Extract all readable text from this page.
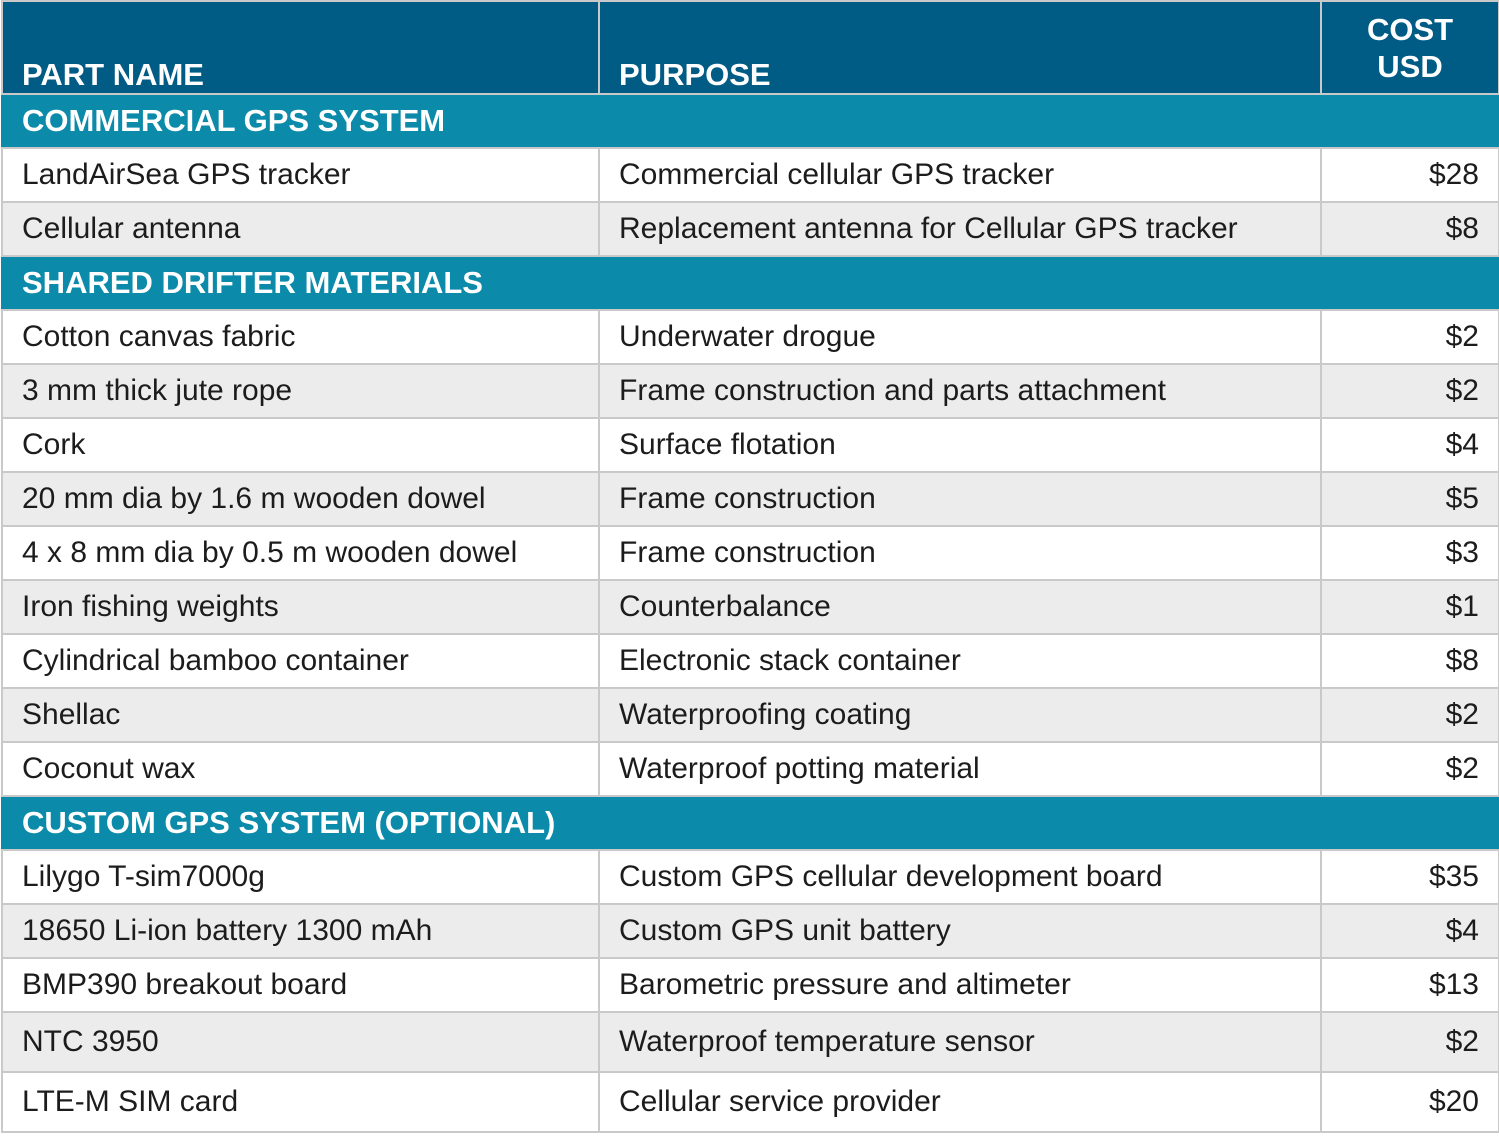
PART NAME	PURPOSE	COST
USD
COMMERCIAL GPS SYSTEM		
LandAirSea GPS tracker	Commercial cellular GPS tracker	$28
Cellular antenna	Replacement antenna for Cellular GPS tracker	$8
SHARED DRIFTER MATERIALS		
Cotton canvas fabric	Underwater drogue	$2
3 mm thick jute rope	Frame construction and parts attachment	$2
Cork	Surface flotation	$4
20 mm dia by 1.6 m wooden dowel	Frame construction	$5
4 x 8 mm dia by 0.5 m wooden dowel	Frame construction	$3
Iron fishing weights	Counterbalance	$1
Cylindrical bamboo container	Electronic stack container	$8
Shellac	Waterproofing coating	$2
Coconut wax	Waterproof potting material	$2
CUSTOM GPS SYSTEM (OPTIONAL)		
Lilygo T-sim7000g	Custom GPS cellular development board	$35
18650 Li-ion battery 1300 mAh	Custom GPS unit battery	$4
BMP390 breakout board	Barometric pressure and altimeter	$13
NTC 3950	Waterproof temperature sensor	$2
LTE-M SIM card	Cellular service provider	$20
